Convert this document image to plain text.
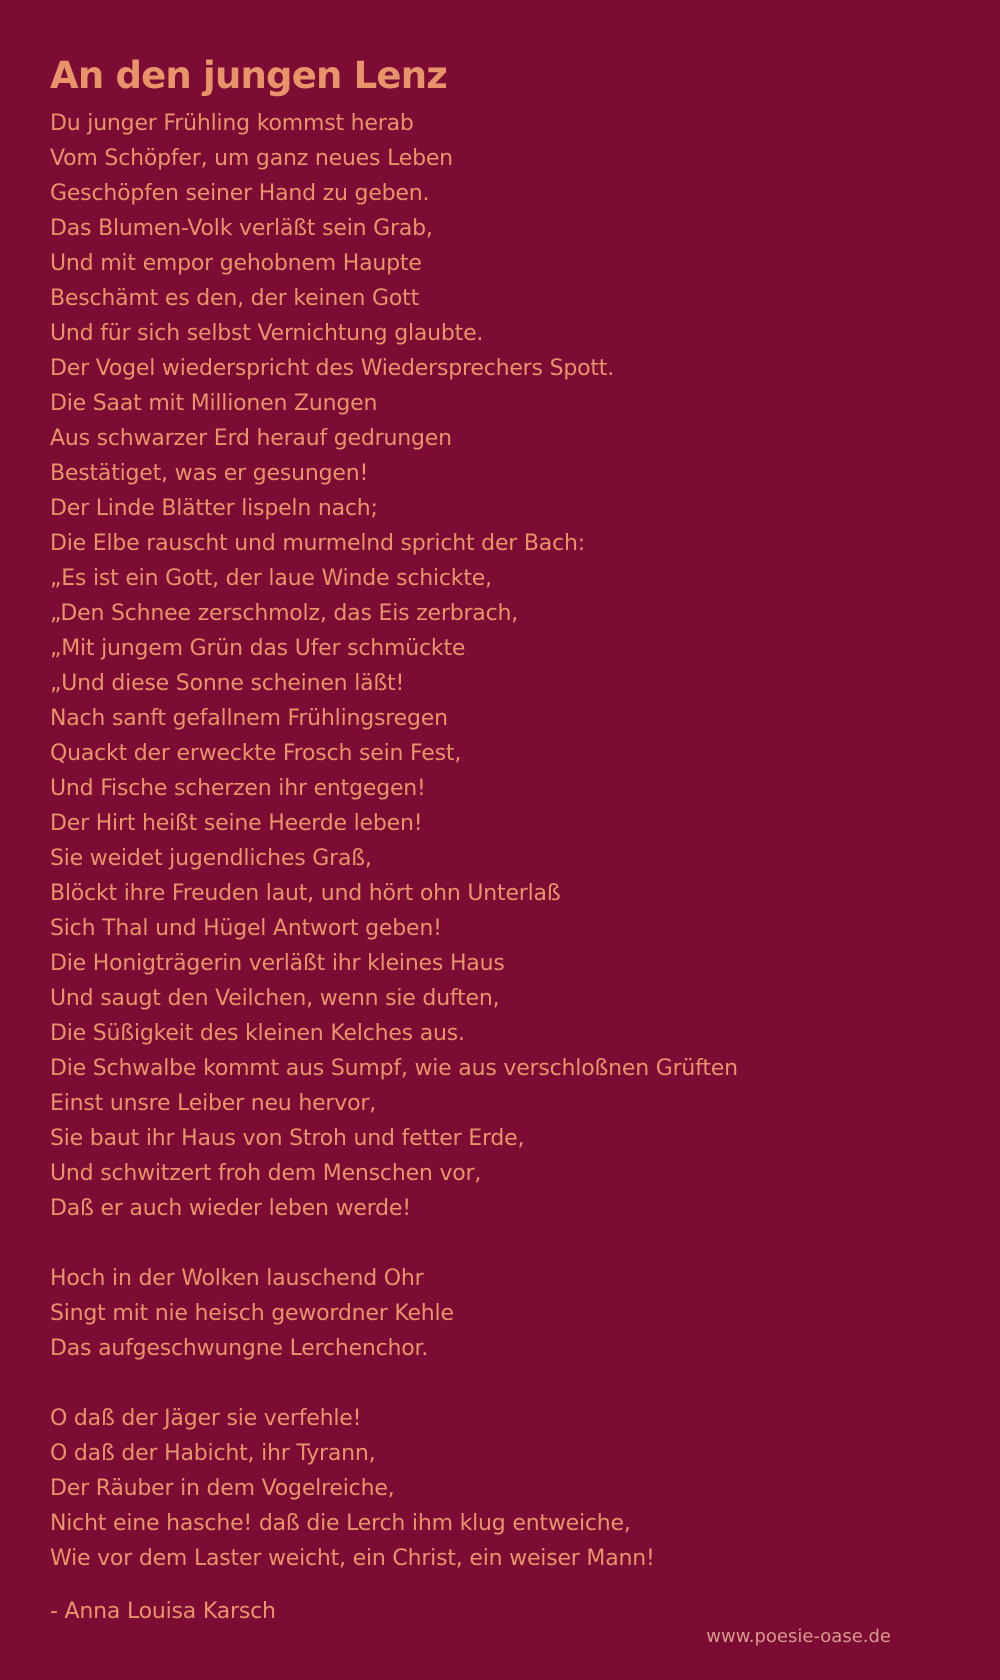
An den jungen Lenz
Du junger Frühling kommst herab
Vom Schöpfer, um ganz neues Leben
Geschöpfen seiner Hand zu geben.
Das Blumen-Volk verläßt sein Grab,
Und mit empor gehobnem Haupte
Beschämt es den, der keinen Gott
Und für sich selbst Vernichtung glaubte.
Der Vogel wiederspricht des Wiedersprechers Spott.
Die Saat mit Millionen Zungen
Aus schwarzer Erd herauf gedrungen
Bestätiget, was er gesungen!
Der Linde Blätter lispeln nach;
Die Elbe rauscht und murmelnd spricht der Bach:
„Es ist ein Gott, der laue Winde schickte,
„Den Schnee zerschmolz, das Eis zerbrach,
„Mit jungem Grün das Ufer schmückte
„Und diese Sonne scheinen läßt!
Nach sanft gefallnem Frühlingsregen
Quackt der erweckte Frosch sein Fest,
Und Fische scherzen ihr entgegen!
Der Hirt heißt seine Heerde leben!
Sie weidet jugendliches Graß,
Blöckt ihre Freuden laut, und hört ohn Unterlaß
Sich Thal und Hügel Antwort geben!
Die Honigträgerin verläßt ihr kleines Haus
Und saugt den Veilchen, wenn sie duften,
Die Süßigkeit des kleinen Kelches aus.
Die Schwalbe kommt aus Sumpf, wie aus verschloßnen Grüften
Einst unsre Leiber neu hervor,
Sie baut ihr Haus von Stroh und fetter Erde,
Und schwitzert froh dem Menschen vor,
Daß er auch wieder leben werde!
Hoch in der Wolken lauschend Ohr
Singt mit nie heisch gewordner Kehle
Das aufgeschwungne Lerchenchor.
O daß der Jäger sie verfehle!
O daß der Habicht, ihr Tyrann,
Der Räuber in dem Vogelreiche,
Nicht eine hasche! daß die Lerch ihm klug entweiche,
Wie vor dem Laster weicht, ein Christ, ein weiser Mann!
- Anna Louisa Karsch
www.poesie-oase.de
